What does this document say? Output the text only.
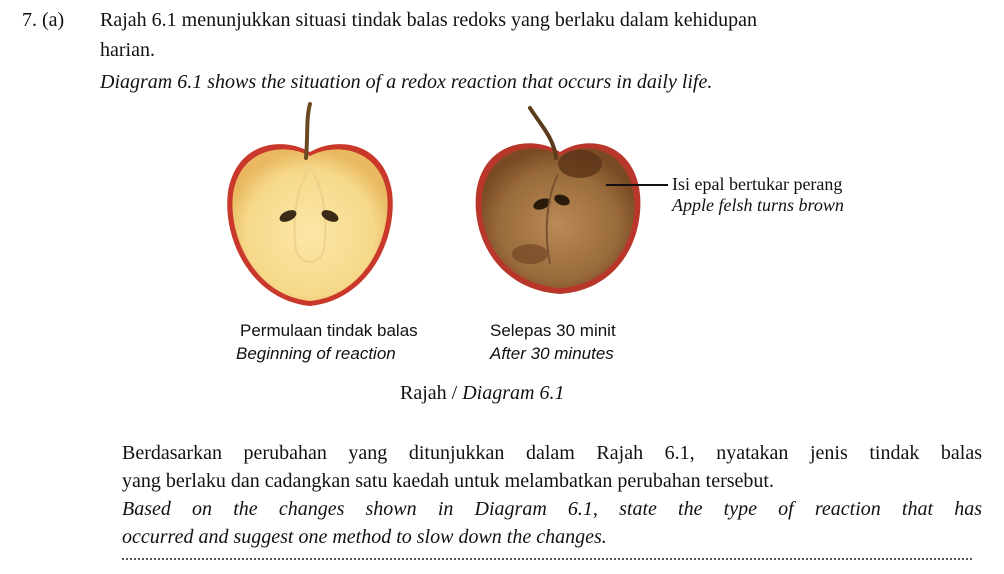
7. (a) Rajah 6.1 menunjukkan situasi tindak balas redoks yang berlaku dalam kehidupan
harian.
Diagram 6.1 shows the situation of a redox reaction that occurs in daily life.
Isi epal bertukar perang
Apple felsh turns brown
Permulaan tindak balas
Beginning of reaction
Selepas 30 minit
After 30 minutes
Rajah / Diagram 6.1
Berdasarkan perubahan yang ditunjukkan dalam Rajah 6.1, nyatakan jenis tindak balas
yang berlaku dan cadangkan satu kaedah untuk melambatkan perubahan tersebut.
Based on the changes shown in Diagram 6.1, state the type of reaction that has
occurred and suggest one method to slow down the changes.
